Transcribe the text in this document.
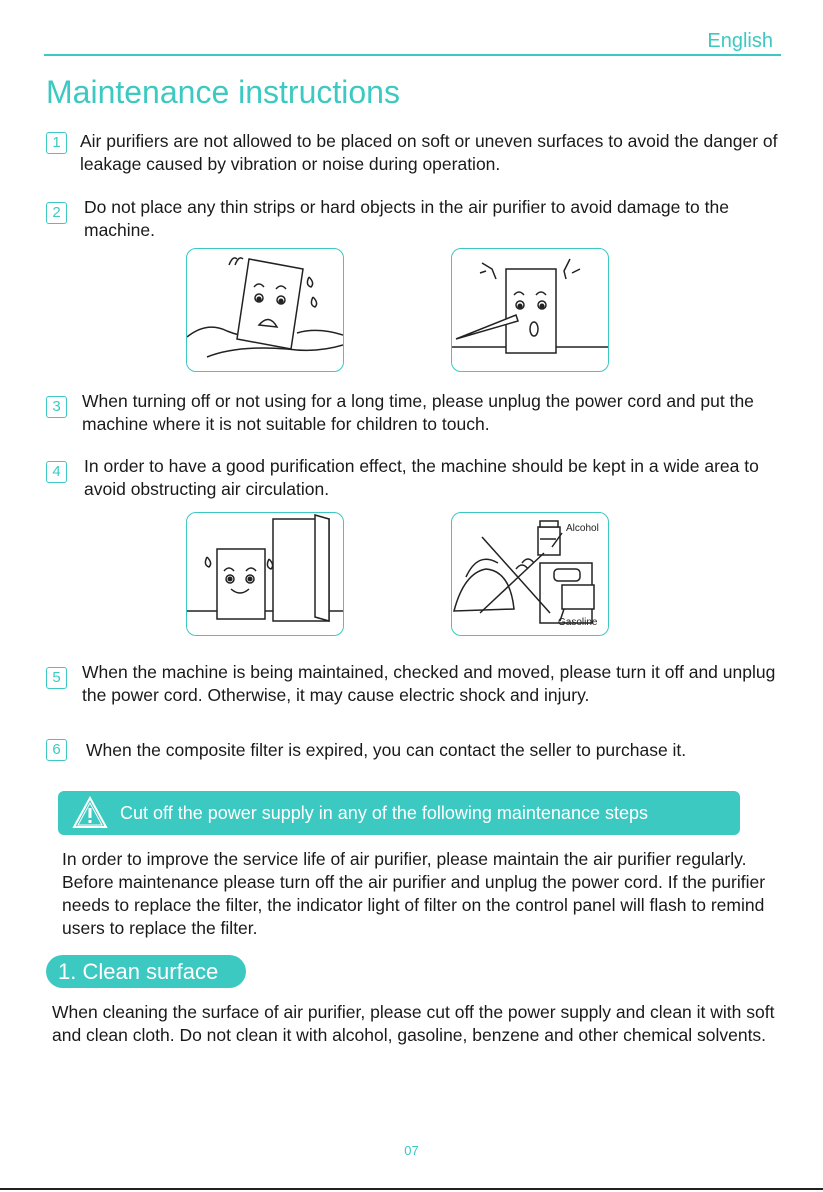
English
Maintenance instructions
1	Air purifiers are not allowed to be placed on soft or uneven surfaces to avoid the danger of leakage caused by vibration or noise during operation.
2	Do not place any thin strips or hard objects in the air purifier to avoid damage to the machine.
3	When turning off or not using for a long time, please unplug the power cord and put the machine where it is not suitable for children to touch.
4	In order to have a good purification effect, the machine should be kept in a wide area to avoid obstructing air circulation.
Alcohol
Gasoline
5	When the machine is being maintained, checked and moved, please turn it off and unplug the power cord. Otherwise, it may cause electric shock and injury.
6	When the composite filter is expired, you can contact the seller to purchase it.
Cut off the power supply in any of the following maintenance steps
In order to improve the service life of air purifier, please maintain the air purifier regularly. Before maintenance please turn off the air purifier and unplug the power cord. If the purifier needs to replace the filter, the indicator light of filter on the control panel will flash to remind users to replace the filter.
1. Clean surface
When cleaning the surface of air purifier, please cut off the power supply and clean it with soft and clean cloth. Do not clean it with alcohol, gasoline, benzene and other chemical solvents.
07
